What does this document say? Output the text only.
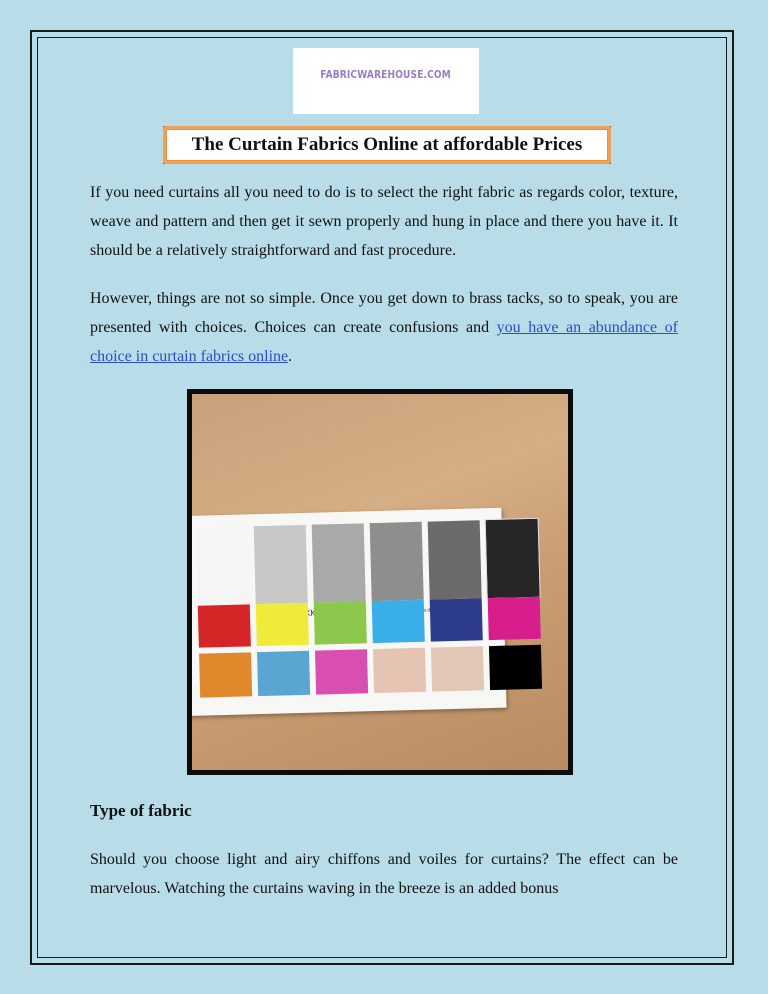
FABRICWAREHOUSE.COM
The Curtain Fabrics Online at affordable Prices

If you need curtains all you need to do is to select the right fabric as regards color, texture, weave and pattern and then get it sewn properly and hung in place and there you have it. It should be a relatively straightforward and fast procedure.

However, things are not so simple. Once you get down to brass tacks, so to speak, you are presented with choices. Choices can create confusions and you have an abundance of choice in curtain fabrics online.

Type of fabric

Should you choose light and airy chiffons and voiles for curtains? The effect can be marvelous. Watching the curtains waving in the breeze is an added bonus
